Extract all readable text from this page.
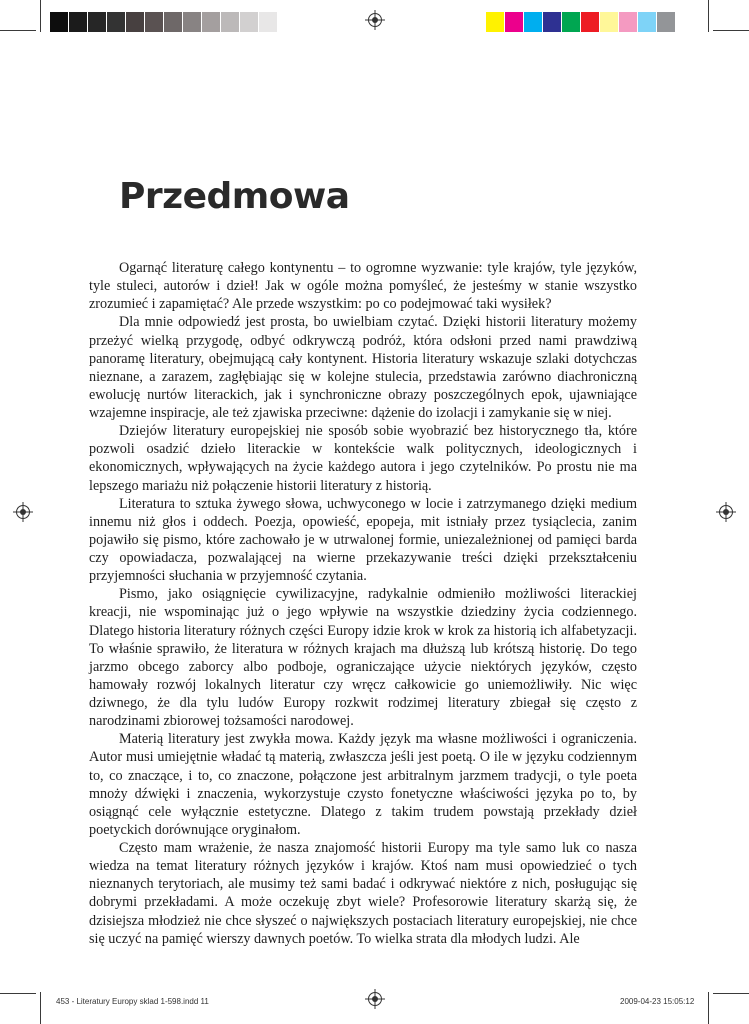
Przedmowa

Ogarnąć literaturę całego kontynentu – to ogromne wyzwanie: tyle krajów, tyle języków, tyle stuleci, autorów i dzieł! Jak w ogóle można pomyśleć, że jesteśmy w stanie wszystko zrozumieć i zapamiętać? Ale przede wszystkim: po co podejmować taki wysiłek?

Dla mnie odpowiedź jest prosta, bo uwielbiam czytać. Dzięki historii literatury możemy przeżyć wielką przygodę, odbyć odkrywczą podróż, która odsłoni przed nami prawdziwą panoramę literatury, obejmującą cały kontynent. Historia literatury wskazuje szlaki dotychczas nieznane, a zarazem, zagłębiając się w kolejne stulecia, przedstawia zarówno diachroniczną ewolucję nurtów literackich, jak i synchroniczne obrazy poszczególnych epok, ujawniające wzajemne inspiracje, ale też zjawiska przeciwne: dążenie do izolacji i zamykanie się w niej.

Dziejów literatury europejskiej nie sposób sobie wyobrazić bez historycznego tła, które pozwoli osadzić dzieło literackie w kontekście walk politycznych, ideologicznych i ekonomicznych, wpływających na życie każdego autora i jego czytelników. Po prostu nie ma lepszego mariażu niż połączenie historii literatury z historią.

Literatura to sztuka żywego słowa, uchwyconego w locie i zatrzymanego dzięki medium innemu niż głos i oddech. Poezja, opowieść, epopeja, mit istniały przez tysiąclecia, zanim pojawiło się pismo, które zachowało je w utrwalonej formie, uniezależnionej od pamięci barda czy opowiadacza, pozwalającej na wierne przekazywanie treści dzięki przekształceniu przyjemności słuchania w przyjemność czytania.

Pismo, jako osiągnięcie cywilizacyjne, radykalnie odmieniło możliwości literackiej kreacji, nie wspominając już o jego wpływie na wszystkie dziedziny życia codziennego. Dlatego historia literatury różnych części Europy idzie krok w krok za historią ich alfabetyzacji. To właśnie sprawiło, że literatura w różnych krajach ma dłuższą lub krótszą historię. Do tego jarzmo obcego zaborcy albo podboje, ograniczające użycie niektórych języków, często hamowały rozwój lokalnych literatur czy wręcz całkowicie go uniemożliwiły. Nic więc dziwnego, że dla tylu ludów Europy rozkwit rodzimej literatury zbiegał się często z narodzinami zbiorowej tożsamości narodowej.

Materią literatury jest zwykła mowa. Każdy język ma własne możliwości i ograniczenia. Autor musi umiejętnie władać tą materią, zwłaszcza jeśli jest poetą. O ile w języku codziennym to, co znaczące, i to, co znaczone, połączone jest arbitralnym jarzmem tradycji, o tyle poeta mnoży dźwięki i znaczenia, wykorzystuje czysto fonetyczne właściwości języka po to, by osiągnąć cele wyłącznie estetyczne. Dlatego z takim trudem powstają przekłady dzieł poetyckich dorównujące oryginałom.

Często mam wrażenie, że nasza znajomość historii Europy ma tyle samo luk co nasza wiedza na temat literatury różnych języków i krajów. Ktoś nam musi opowiedzieć o tych nieznanych terytoriach, ale musimy też sami badać i odkrywać niektóre z nich, posługując się dobrymi przekładami. A może oczekuję zbyt wiele? Profesorowie literatury skarżą się, że dzisiejsza młodzież nie chce słyszeć o największych postaciach literatury europejskiej, nie chce się uczyć na pamięć wierszy dawnych poetów. To wielka strata dla młodych ludzi. Ale

453 - Literatury Europy sklad 1-598.indd 11	2009-04-23 15:05:12
